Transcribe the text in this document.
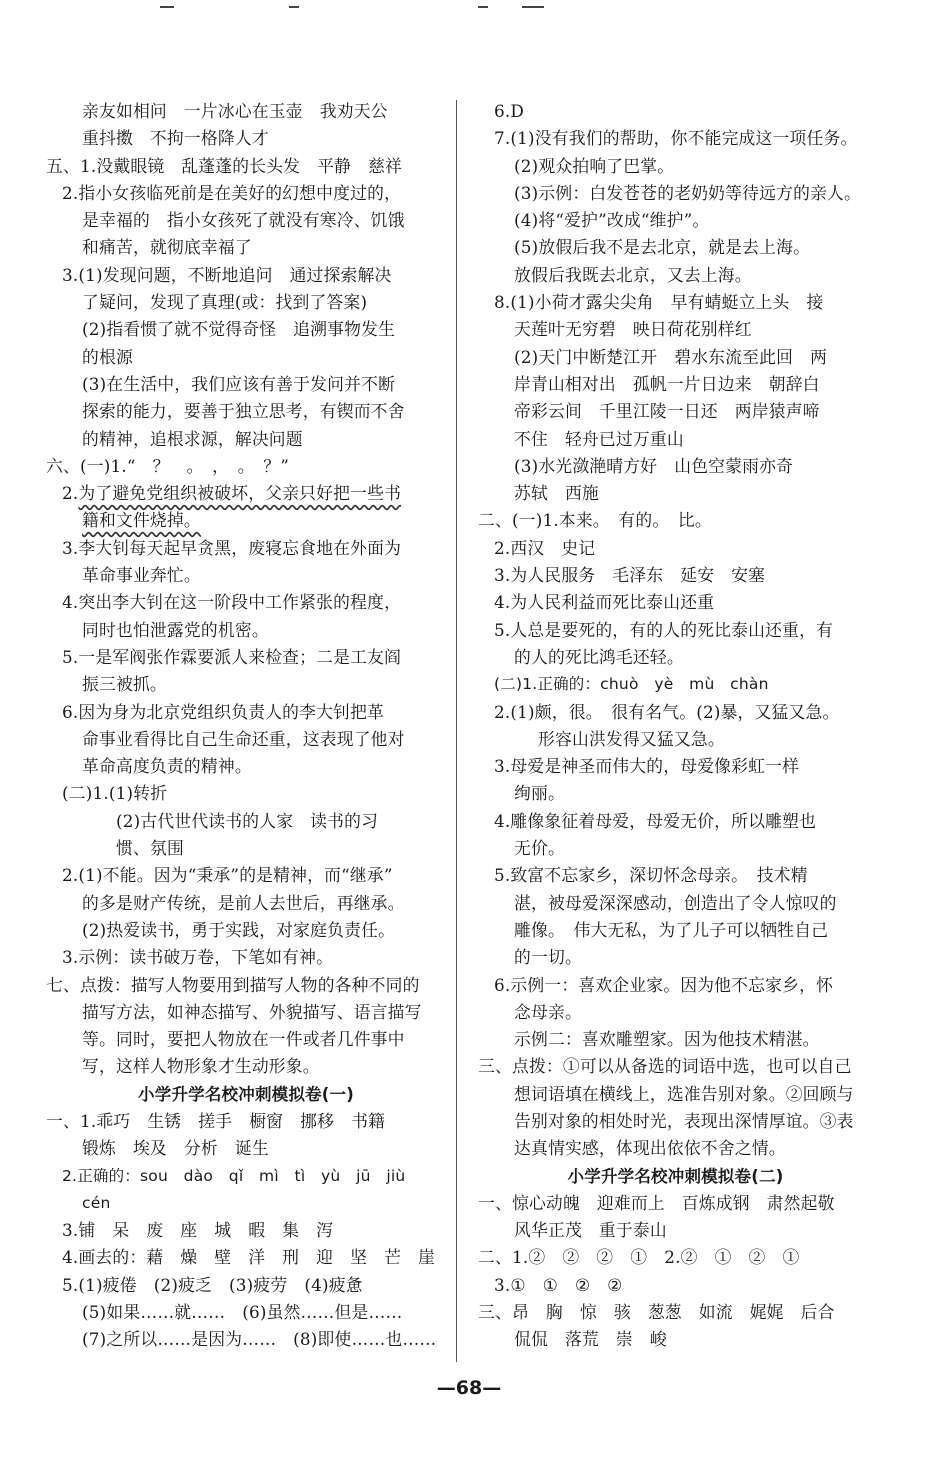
亲友如相问　一片冰心在玉壶　我劝天公
重抖擞　不拘一格降人才
五、1.没戴眼镜　乱蓬蓬的长头发　平静　慈祥
2.指小女孩临死前是在美好的幻想中度过的，
是幸福的　指小女孩死了就没有寒冷、饥饿
和痛苦，就彻底幸福了
3.(1)发现问题，不断地追问　通过探索解决
了疑问，发现了真理(或：找到了答案)
(2)指看惯了就不觉得奇怪　追溯事物发生
的根源
(3)在生活中，我们应该有善于发问并不断
探索的能力，要善于独立思考，有锲而不舍
的精神，追根求源，解决问题
六、(一)1.“　？　。　，　。　？”
2.为了避免党组织被破坏，父亲只好把一些书
籍和文件烧掉。
3.李大钊每天起早贪黑，废寝忘食地在外面为
革命事业奔忙。
4.突出李大钊在这一阶段中工作紧张的程度，
同时也怕泄露党的机密。
5.一是军阀张作霖要派人来检查；二是工友阎
振三被抓。
6.因为身为北京党组织负责人的李大钊把革
命事业看得比自己生命还重，这表现了他对
革命高度负责的精神。
(二)1.(1)转折
(2)古代世代读书的人家　读书的习
惯、氛围
2.(1)不能。因为“秉承”的是精神，而“继承”
的多是财产传统，是前人去世后，再继承。
(2)热爱读书，勇于实践，对家庭负责任。
3.示例：读书破万卷，下笔如有神。
七、点拨：描写人物要用到描写人物的各种不同的
描写方法，如神态描写、外貌描写、语言描写
等。同时，要把人物放在一件或者几件事中
写，这样人物形象才生动形象。
小学升学名校冲刺模拟卷(一)
一、1.乖巧　生锈　搓手　橱窗　挪移　书籍
锻炼　埃及　分析　诞生
2.正确的：sou　dào　qǐ　mì　tì　yù　jū　jiù
cén
3.铺　呆　废　座　城　暇　集　泻
4.画去的：藉　燥　壁　洋　刑　迎　坚　芒　崖
5.(1)疲倦　(2)疲乏　(3)疲劳　(4)疲惫
(5)如果……就……　(6)虽然……但是……
(7)之所以……是因为……　(8)即使……也……
6.D
7.(1)没有我们的帮助，你不能完成这一项任务。
(2)观众拍响了巴掌。
(3)示例：白发苍苍的老奶奶等待远方的亲人。
(4)将“爱护”改成“维护”。
(5)放假后我不是去北京，就是去上海。
放假后我既去北京，又去上海。
8.(1)小荷才露尖尖角　早有蜻蜓立上头　接
天莲叶无穷碧　映日荷花别样红
(2)天门中断楚江开　碧水东流至此回　两
岸青山相对出　孤帆一片日边来　朝辞白
帝彩云间　千里江陵一日还　两岸猿声啼
不住　轻舟已过万重山
(3)水光潋滟晴方好　山色空蒙雨亦奇
苏轼　西施
二、(一)1.本来。　有的。　比。
2.西汉　史记
3.为人民服务　毛泽东　延安　安塞
4.为人民利益而死比泰山还重
5.人总是要死的，有的人的死比泰山还重，有
的人的死比鸿毛还轻。
(二)1.正确的：chuò　yè　mù　chàn
2.(1)颇，很。　很有名气。(2)暴，又猛又急。
形容山洪发得又猛又急。
3.母爱是神圣而伟大的，母爱像彩虹一样
绚丽。
4.雕像象征着母爱，母爱无价，所以雕塑也
无价。
5.致富不忘家乡，深切怀念母亲。　技术精
湛，被母爱深深感动，创造出了令人惊叹的
雕像。　伟大无私，为了儿子可以牺牲自己
的一切。
6.示例一：喜欢企业家。因为他不忘家乡，怀
念母亲。
示例二：喜欢雕塑家。因为他技术精湛。
三、点拨：①可以从备选的词语中选，也可以自己
想词语填在横线上，选准告别对象。②回顾与
告别对象的相处时光，表现出深情厚谊。③表
达真情实感，体现出依依不舍之情。
小学升学名校冲刺模拟卷(二)
一、惊心动魄　迎难而上　百炼成钢　肃然起敬
风华正茂　重于泰山
二、1.②　②　②　①　2.②　①　②　①
3.①　①　②　②
三、昂　胸　惊　骇　葱葱　如流　娓娓　后合
侃侃　落荒　崇　峻
—68—
